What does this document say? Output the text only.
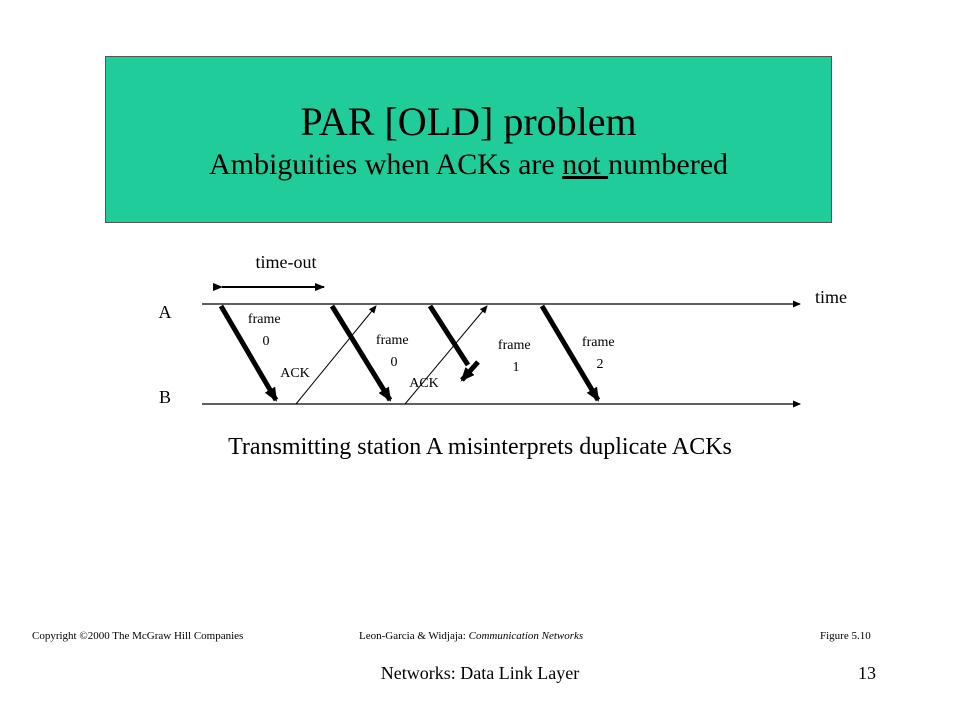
PAR [OLD] problem
Ambiguities when ACKs are not numbered
time-out
A
B
time
frame 0	frame 0
frame 1
frame 2
ACK
ACK
Transmitting station A misinterprets duplicate ACKs
Copyright ©2000 The McGraw Hill Companies	Leon-Garcia & Widjaja: Communication Networks	Figure 5.10
Networks: Data Link Layer	13
